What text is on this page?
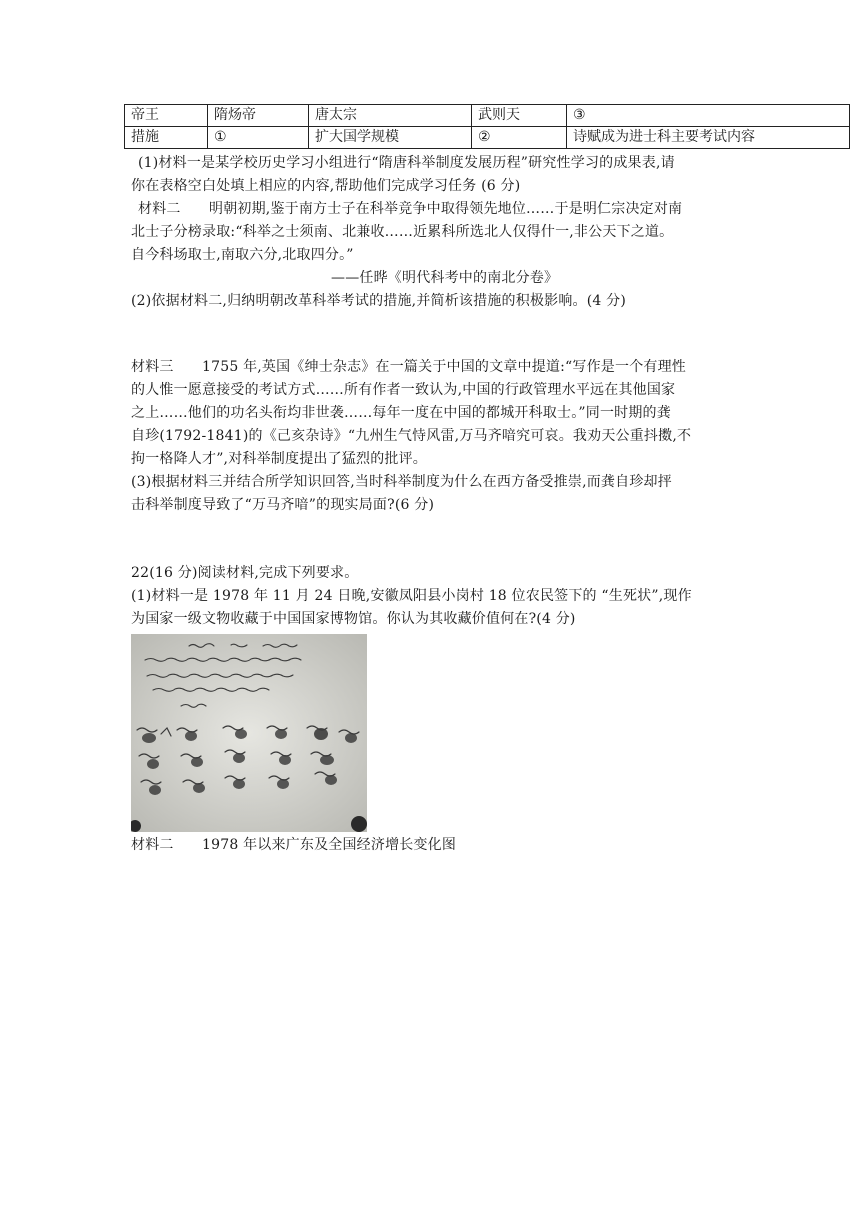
帝王	隋炀帝	唐太宗	武则天	③
措施	①	扩大国学规模	②	诗赋成为进士科主要考试内容
(1)材料一是某学校历史学习小组进行“隋唐科举制度发展历程”研究性学习的成果表,请
你在表格空白处填上相应的内容,帮助他们完成学习任务 (6 分)
材料二　　明朝初期,鉴于南方士子在科举竞争中取得领先地位……于是明仁宗决定对南
北士子分榜录取:“科举之士须南、北兼收……近累科所选北人仅得什一,非公天下之道。
自今科场取士,南取六分,北取四分。”
——任晔《明代科考中的南北分卷》
(2)依据材料二,归纳明朝改革科举考试的措施,并简析该措施的积极影响。(4 分)
材料三　　1755 年,英国《绅士杂志》在一篇关于中国的文章中提道:“写作是一个有理性
的人惟一愿意接受的考试方式……所有作者一致认为,中国的行政管理水平远在其他国家
之上……他们的功名头衔均非世袭……每年一度在中国的都城开科取士。”同一时期的龚
自珍(1792-1841)的《己亥杂诗》“九州生气恃风雷,万马齐喑究可哀。我劝天公重抖擞,不
拘一格降人才”,对科举制度提出了猛烈的批评。
(3)根据材料三并结合所学知识回答,当时科举制度为什么在西方备受推崇,而龚自珍却抨
击科举制度导致了“万马齐喑”的现实局面?(6 分)
22(16 分)阅读材料,完成下列要求。
(1)材料一是 1978 年 11 月 24 日晚,安徽凤阳县小岗村 18 位农民签下的 “生死状”,现作
为国家一级文物收藏于中国国家博物馆。你认为其收藏价值何在?(4 分)
材料二　　1978 年以来广东及全国经济增长变化图
